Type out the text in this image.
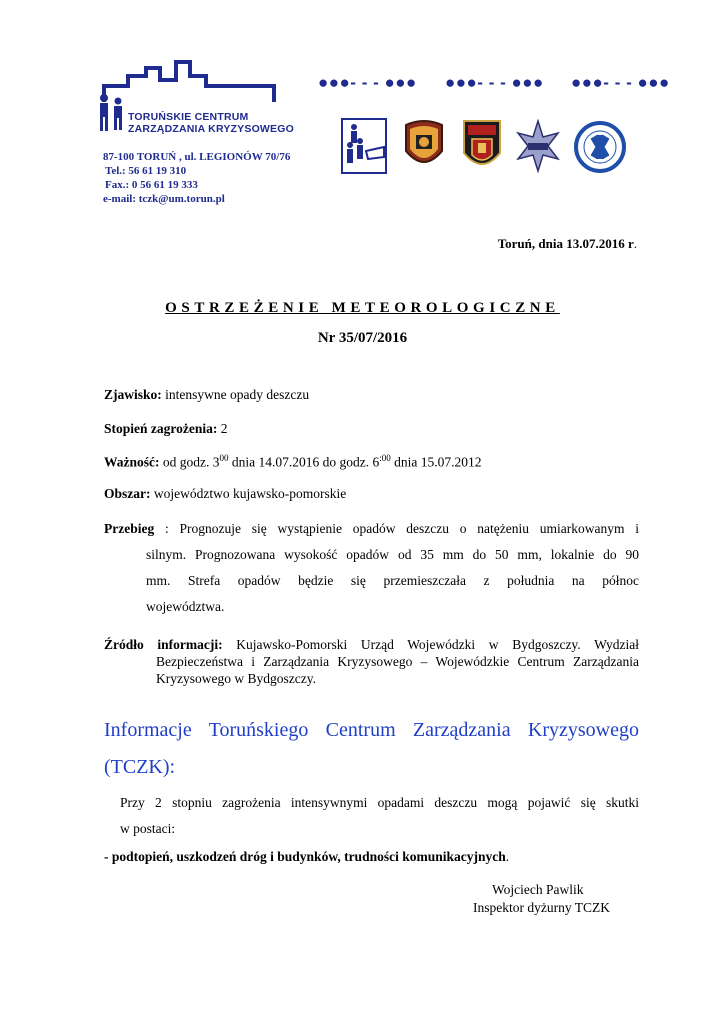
TORUŃSKIE CENTRUM
ZARZĄDZANIA KRYZYSOWEGO
87-100 TORUŃ , ul. LEGIONÓW 70/76
Tel.: 56 61 19 310
Fax.: 0 56 61 19 333
e-mail: tczk@um.torun.pl
●●●- - - ●●● ●●●- - - ●●● ●●●- - - ●●●
Toruń, dnia 13.07.2016 r.
OSTRZEŻENIE METEOROLOGICZNE
Nr 35/07/2016
Zjawisko: intensywne opady deszczu
Stopień zagrożenia: 2
Ważność: od godz. $3^{00}$ dnia 14.07.2016 do godz. $6^{:00}$ dnia 15.07.2012
Obszar: województwo kujawsko-pomorskie
Przebieg : Prognozuje się wystąpienie opadów deszczu o natężeniu umiarkowanym i
silnym. Prognozowana wysokość opadów od 35 mm do 50 mm, lokalnie do 90
mm. Strefa opadów będzie się przemieszczała z południa na północ
województwa.
Źródło informacji: Kujawsko-Pomorski Urząd Wojewódzki w Bydgoszczy. Wydział
Bezpieczeństwa i Zarządzania Kryzysowego – Wojewódzkie Centrum Zarządzania
Kryzysowego w Bydgoszczy.
Informacje Toruńskiego Centrum Zarządzania Kryzysowego
(TCZK):
Przy 2 stopniu zagrożenia intensywnymi opadami deszczu mogą pojawić się skutki
w postaci:
- podtopień, uszkodzeń dróg i budynków, trudności komunikacyjnych.
Wojciech Pawlik
Inspektor dyżurny TCZK
